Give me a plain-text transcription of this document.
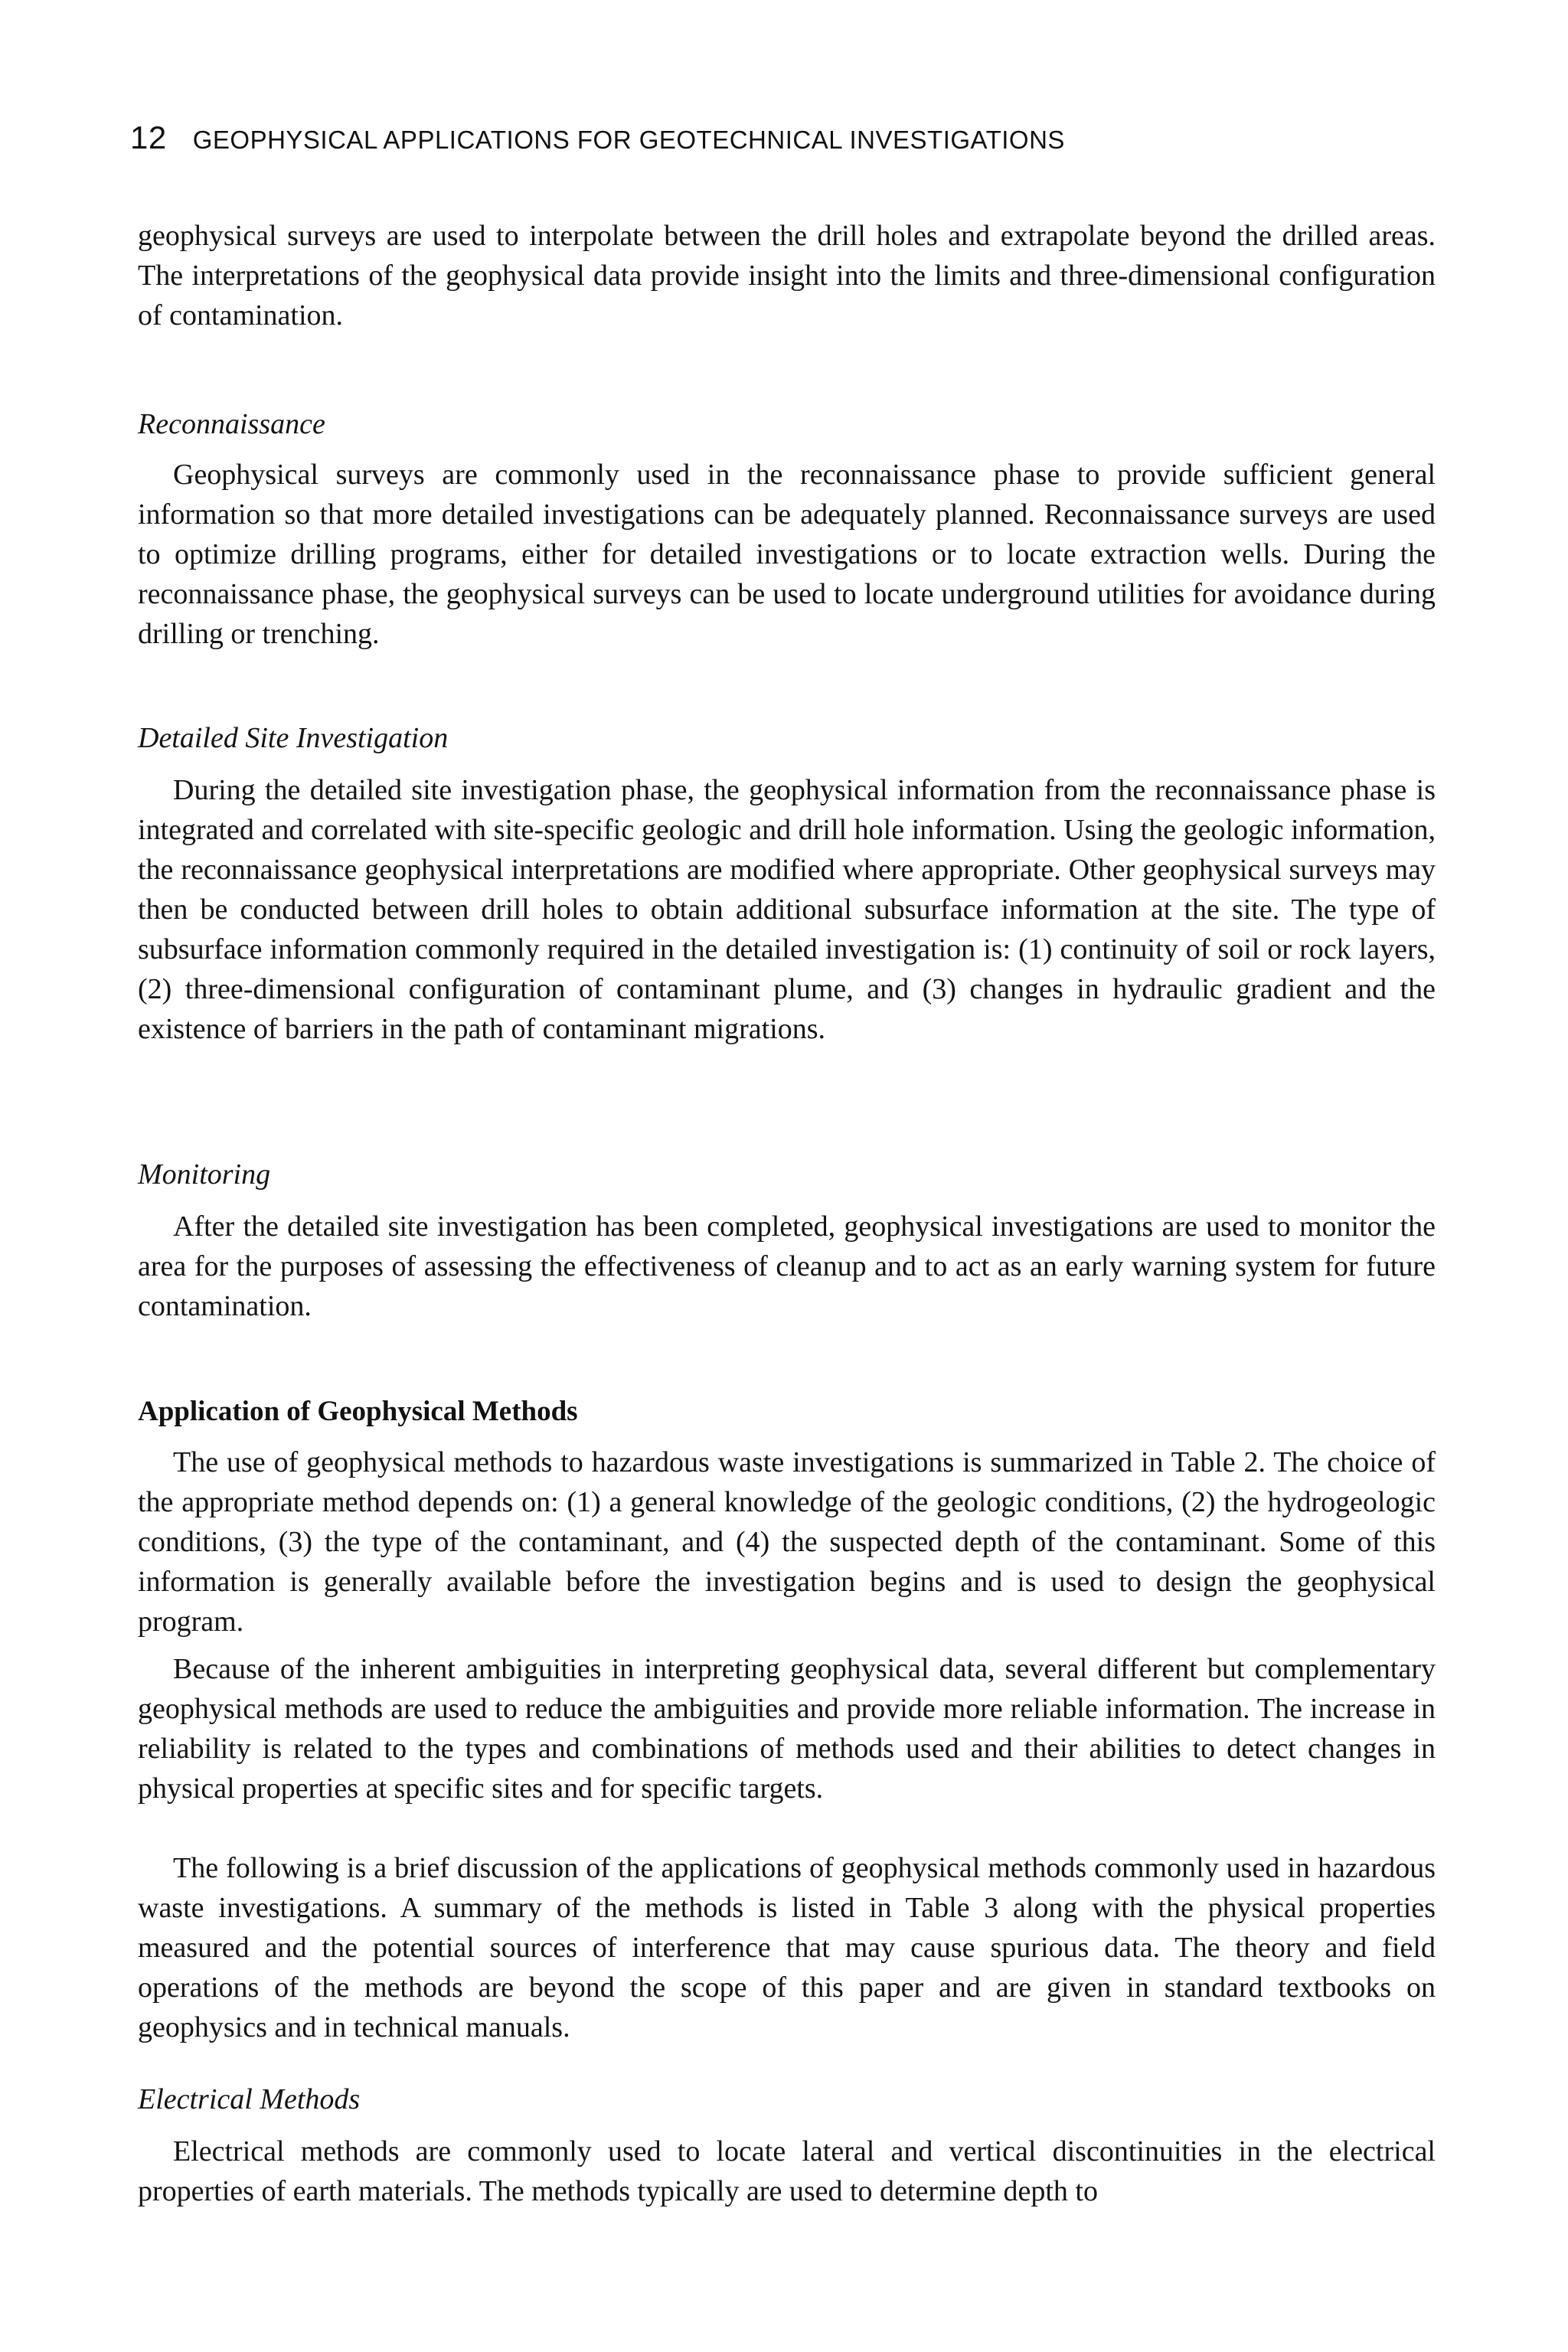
12 GEOPHYSICAL APPLICATIONS FOR GEOTECHNICAL INVESTIGATIONS

geophysical surveys are used to interpolate between the drill holes and extrapolate beyond the drilled areas. The interpretations of the geophysical data provide insight into the limits and three-dimensional configuration of contamination.

Reconnaissance

Geophysical surveys are commonly used in the reconnaissance phase to provide sufficient general information so that more detailed investigations can be adequately planned. Reconnaissance surveys are used to optimize drilling programs, either for detailed investigations or to locate extraction wells. During the reconnaissance phase, the geophysical surveys can be used to locate underground utilities for avoidance during drilling or trenching.

Detailed Site Investigation

During the detailed site investigation phase, the geophysical information from the reconnaissance phase is integrated and correlated with site-specific geologic and drill hole information. Using the geologic information, the reconnaissance geophysical interpretations are modified where appropriate. Other geophysical surveys may then be conducted between drill holes to obtain additional subsurface information at the site. The type of subsurface information commonly required in the detailed investigation is: (1) continuity of soil or rock layers, (2) three-dimensional configuration of contaminant plume, and (3) changes in hydraulic gradient and the existence of barriers in the path of contaminant migrations.

Monitoring

After the detailed site investigation has been completed, geophysical investigations are used to monitor the area for the purposes of assessing the effectiveness of cleanup and to act as an early warning system for future contamination.

Application of Geophysical Methods

The use of geophysical methods to hazardous waste investigations is summarized in Table 2. The choice of the appropriate method depends on: (1) a general knowledge of the geologic conditions, (2) the hydrogeologic conditions, (3) the type of the contaminant, and (4) the suspected depth of the contaminant. Some of this information is generally available before the investigation begins and is used to design the geophysical program.

Because of the inherent ambiguities in interpreting geophysical data, several different but complementary geophysical methods are used to reduce the ambiguities and provide more reliable information. The increase in reliability is related to the types and combinations of methods used and their abilities to detect changes in physical properties at specific sites and for specific targets.

The following is a brief discussion of the applications of geophysical methods commonly used in hazardous waste investigations. A summary of the methods is listed in Table 3 along with the physical properties measured and the potential sources of interference that may cause spurious data. The theory and field operations of the methods are beyond the scope of this paper and are given in standard textbooks on geophysics and in technical manuals.

Electrical Methods

Electrical methods are commonly used to locate lateral and vertical discontinuities in the electrical properties of earth materials. The methods typically are used to determine depth to
